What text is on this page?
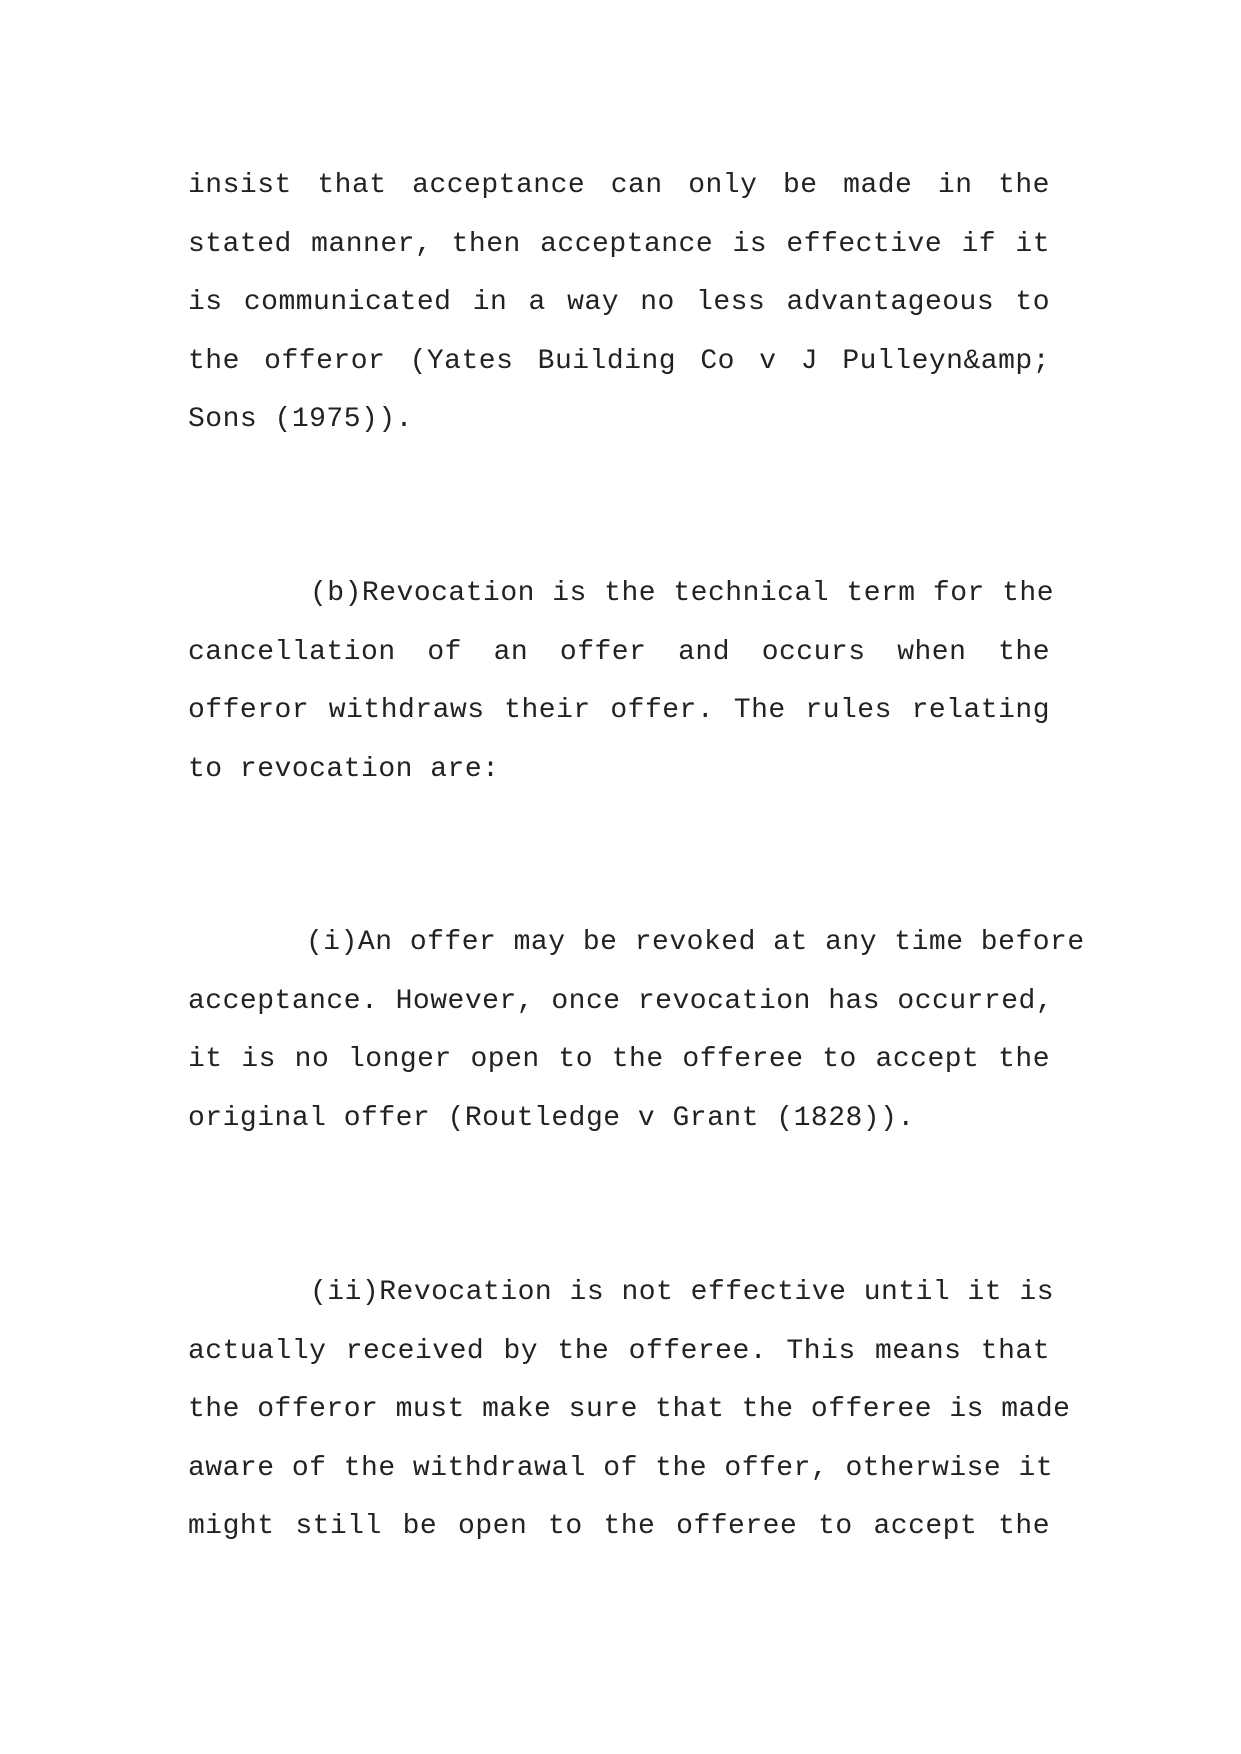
insist that acceptance can only be made in the
stated manner, then acceptance is effective if it
is communicated in a way no less advantageous to
the offeror (Yates Building Co v J Pulleyn&amp;
Sons (1975)).
(b)Revocation is the technical term for the
cancellation of an offer and occurs when the
offeror withdraws their offer. The rules relating
to revocation are:
(i)An offer may be revoked at any time before
acceptance. However, once revocation has occurred,
it is no longer open to the offeree to accept the
original offer (Routledge v Grant (1828)).
(ii)Revocation is not effective until it is
actually received by the offeree. This means that
the offeror must make sure that the offeree is made
aware of the withdrawal of the offer, otherwise it
might still be open to the offeree to accept the
